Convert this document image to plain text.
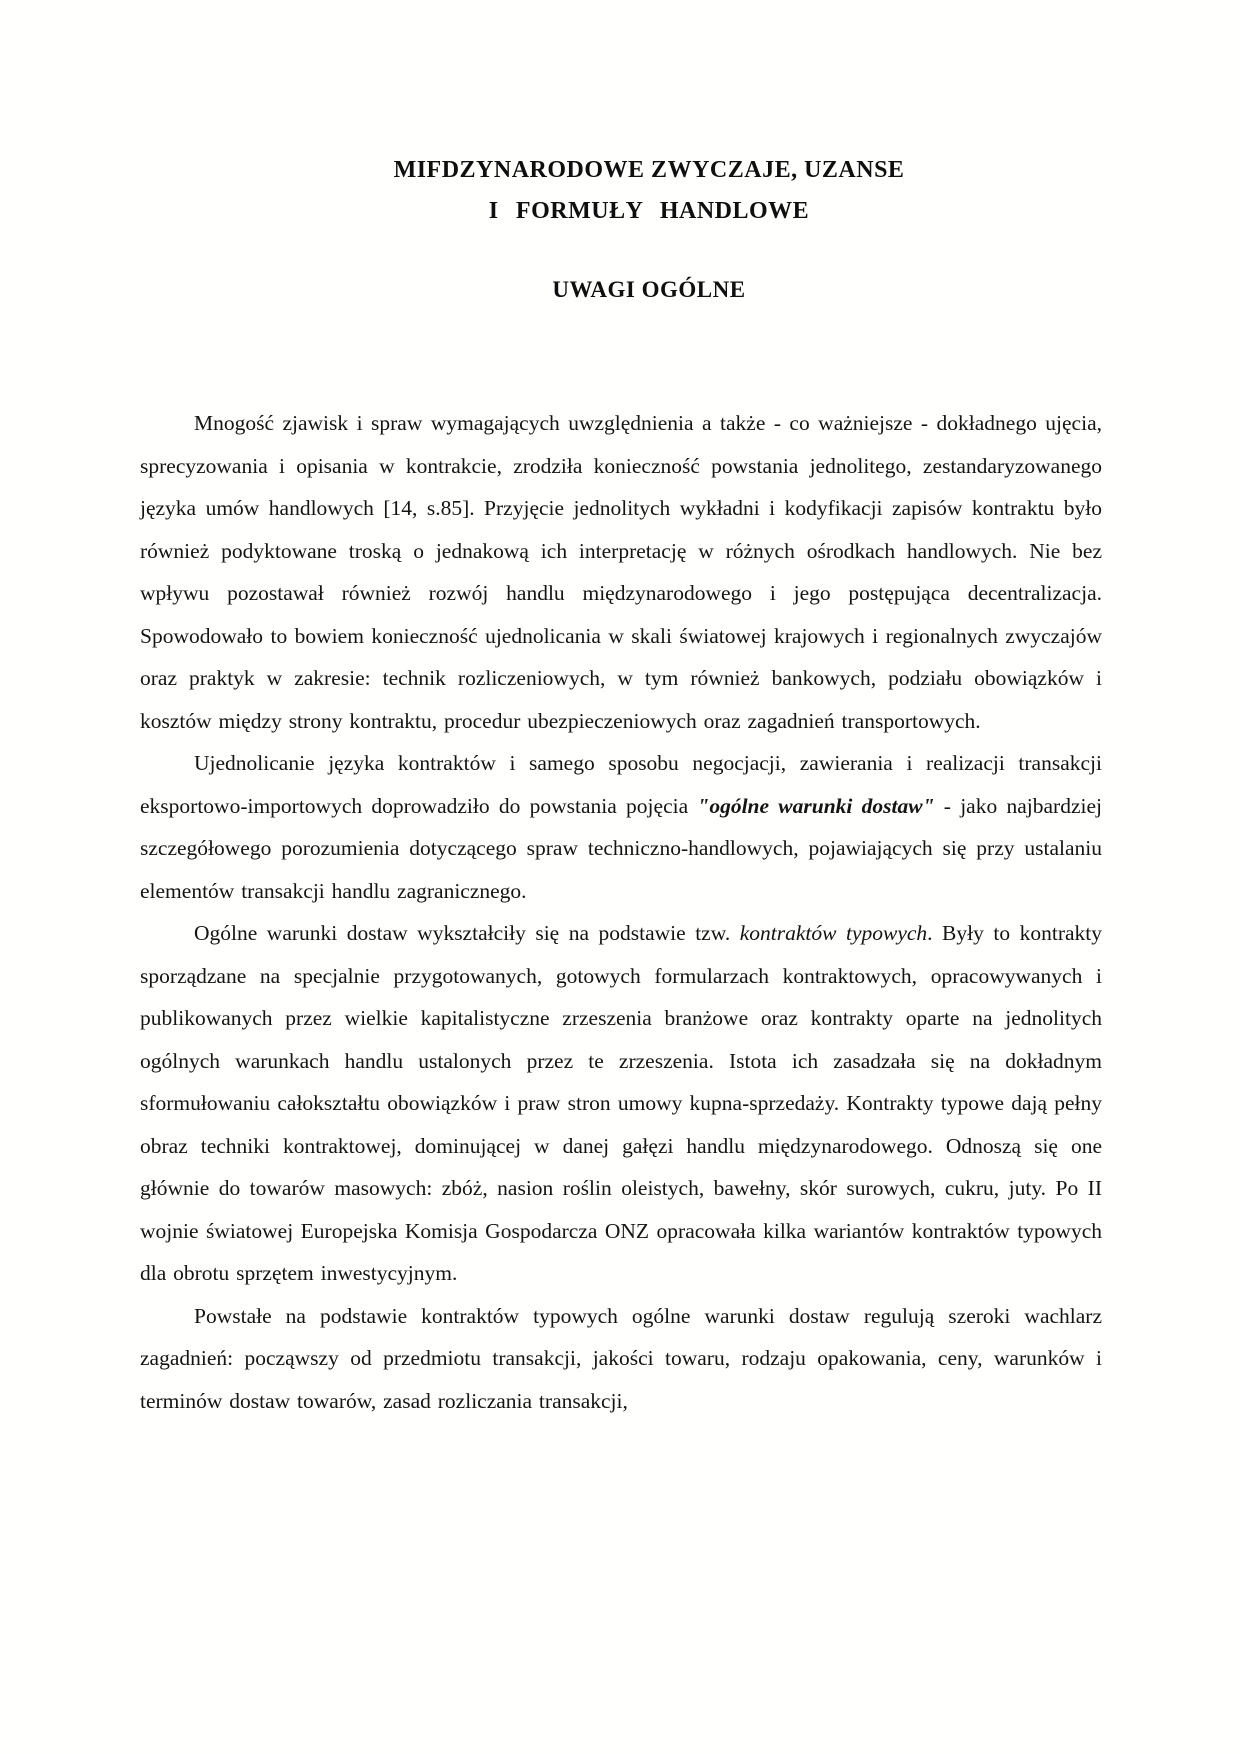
MIFDZYNARODOWE ZWYCZAJE, UZANSE
I FORMUŁY HANDLOWE
UWAGI OGÓLNE

Mnogość zjawisk i spraw wymagających uwzględnienia a także - co ważniejsze - dokładnego ujęcia, sprecyzowania i opisania w kontrakcie, zrodziła konieczność powstania jednolitego, zestandaryzowanego języka umów handlowych [14, s.85]. Przyjęcie jednolitych wykładni i kodyfikacji zapisów kontraktu było również podyktowane troską o jednakową ich interpretację w różnych ośrodkach handlowych. Nie bez wpływu pozostawał również rozwój handlu międzynarodowego i jego postępująca decentralizacja. Spowodowało to bowiem konieczność ujednolicania w skali światowej krajowych i regionalnych zwyczajów oraz praktyk w zakresie: technik rozliczeniowych, w tym również bankowych, podziału obowiązków i kosztów między strony kontraktu, procedur ubezpieczeniowych oraz zagadnień transportowych.

Ujednolicanie języka kontraktów i samego sposobu negocjacji, zawierania i realizacji transakcji eksportowo-importowych doprowadziło do powstania pojęcia "ogólne warunki dostaw" - jako najbardziej szczegółowego porozumienia dotyczącego spraw techniczno-handlowych, pojawiających się przy ustalaniu elementów transakcji handlu zagranicznego.

Ogólne warunki dostaw wykształciły się na podstawie tzw. kontraktów typowych. Były to kontrakty sporządzane na specjalnie przygotowanych, gotowych formularzach kontraktowych, opracowywanych i publikowanych przez wielkie kapitalistyczne zrzeszenia branżowe oraz kontrakty oparte na jednolitych ogólnych warunkach handlu ustalonych przez te zrzeszenia. Istota ich zasadzała się na dokładnym sformułowaniu całokształtu obowiązków i praw stron umowy kupna-sprzedaży. Kontrakty typowe dają pełny obraz techniki kontraktowej, dominującej w danej gałęzi handlu międzynarodowego. Odnoszą się one głównie do towarów masowych: zbóż, nasion roślin oleistych, bawełny, skór surowych, cukru, juty. Po II wojnie światowej Europejska Komisja Gospodarcza ONZ opracowała kilka wariantów kontraktów typowych dla obrotu sprzętem inwestycyjnym.

Powstałe na podstawie kontraktów typowych ogólne warunki dostaw regulują szeroki wachlarz zagadnień: począwszy od przedmiotu transakcji, jakości towaru, rodzaju opakowania, ceny, warunków i terminów dostaw towarów, zasad rozliczania transakcji,
